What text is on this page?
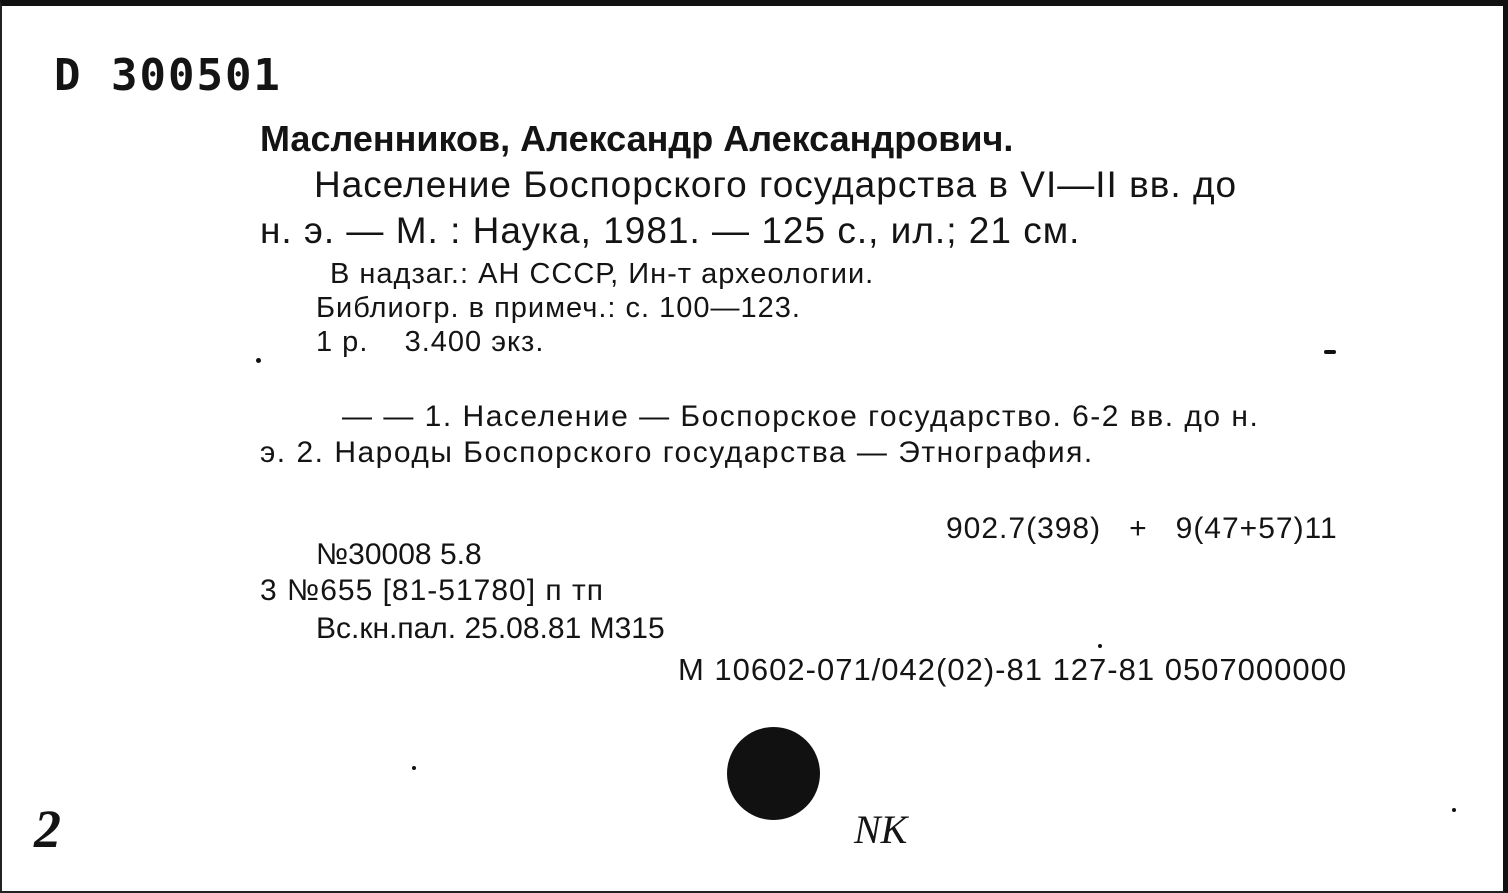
D 300501
Масленников, Александр Александрович.
Население Боспорского государства в VI—II вв. до
н. э. — М. : Наука, 1981. — 125 с., ил.; 21 см.
В надзаг.: АН СССР, Ин-т археологии.
Библиогр. в примеч.: с. 100—123.
1 р.    3.400 экз.
— — 1. Население — Боспорское государство. 6-2 вв. до н.
э. 2. Народы Боспорского государства — Этнография.
902.7(398)   +   9(47+57)11
№30008 5.8
3 №655 [81-51780] п тп
Вс.кн.пал. 25.08.81 М315
М 10602-071/042(02)-81 127-81 0507000000
2	NK
